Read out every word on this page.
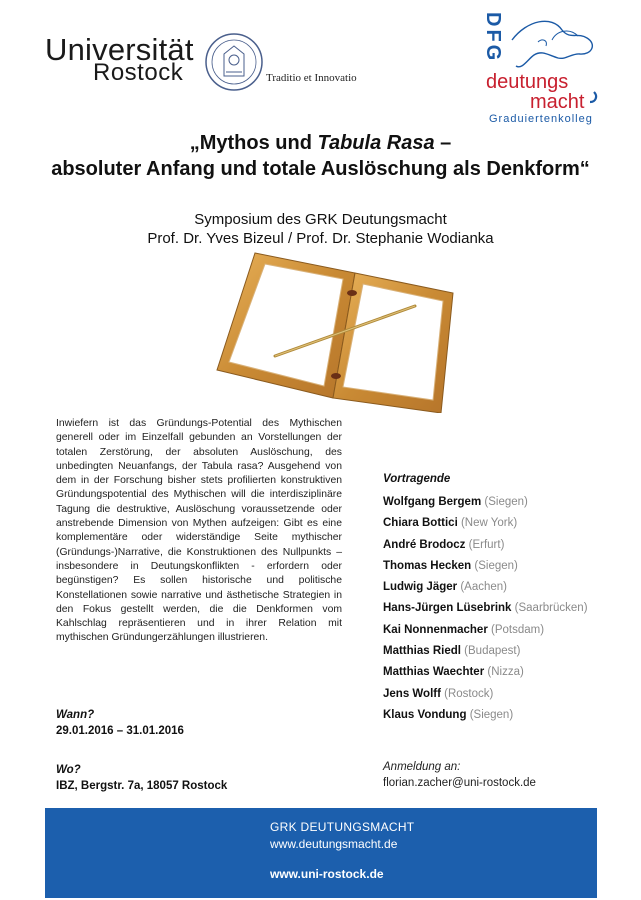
Universität
Rostock	Traditio et Innovatio
DFG
deutungs
macht
Graduiertenkolleg
„Mythos und Tabula Rasa –
absoluter Anfang und totale Auslöschung als Denkform“
Symposium des GRK Deutungsmacht
Prof. Dr. Yves Bizeul / Prof. Dr. Stephanie Wodianka
Inwiefern ist das Gründungs-Potential des Mythischen generell oder im Einzelfall gebunden an Vorstellungen der totalen Zerstörung, der absoluten Auslöschung, des unbedingten Neuanfangs, der Tabula rasa? Ausgehend von dem in der Forschung bisher stets profilierten konstruktiven Gründungspotential des Mythischen will die interdisziplinäre Tagung die destruktive, Auslöschung voraussetzende oder anstrebende Dimension von Mythen aufzeigen: Gibt es eine komplementäre oder widerständige Seite mythischer (Gründungs-)Narrative, die Konstruktionen des Nullpunkts – insbesondere in Deutungskonflikten - erfordern oder begünstigen? Es sollen historische und politische Konstellationen sowie narrative und ästhetische Strategien in den Fokus gestellt werden, die die Denkformen vom Kahlschlag repräsentieren und in ihrer Relation mit mythischen Gründungerzählungen illustrieren.
Wann?
29.01.2016 – 31.01.2016
Wo?
IBZ, Bergstr. 7a, 18057 Rostock
Vortragende
Wolfgang Bergem (Siegen)
Chiara Botticі (New York)
André Brodocz (Erfurt)
Thomas Hecken (Siegen)
Ludwig Jäger (Aachen)
Hans-Jürgen Lüsebrink (Saarbrücken)
Kai Nonnenmacher (Potsdam)
Matthias Riedl (Budapest)
Matthias Waechter (Nizza)
Jens Wolff (Rostock)
Klaus Vondung (Siegen)
Anmeldung an:
florian.zacher@uni-rostock.de
GRK DEUTUNGSMACHT
www.deutungsmacht.de
www.uni-rostock.de
